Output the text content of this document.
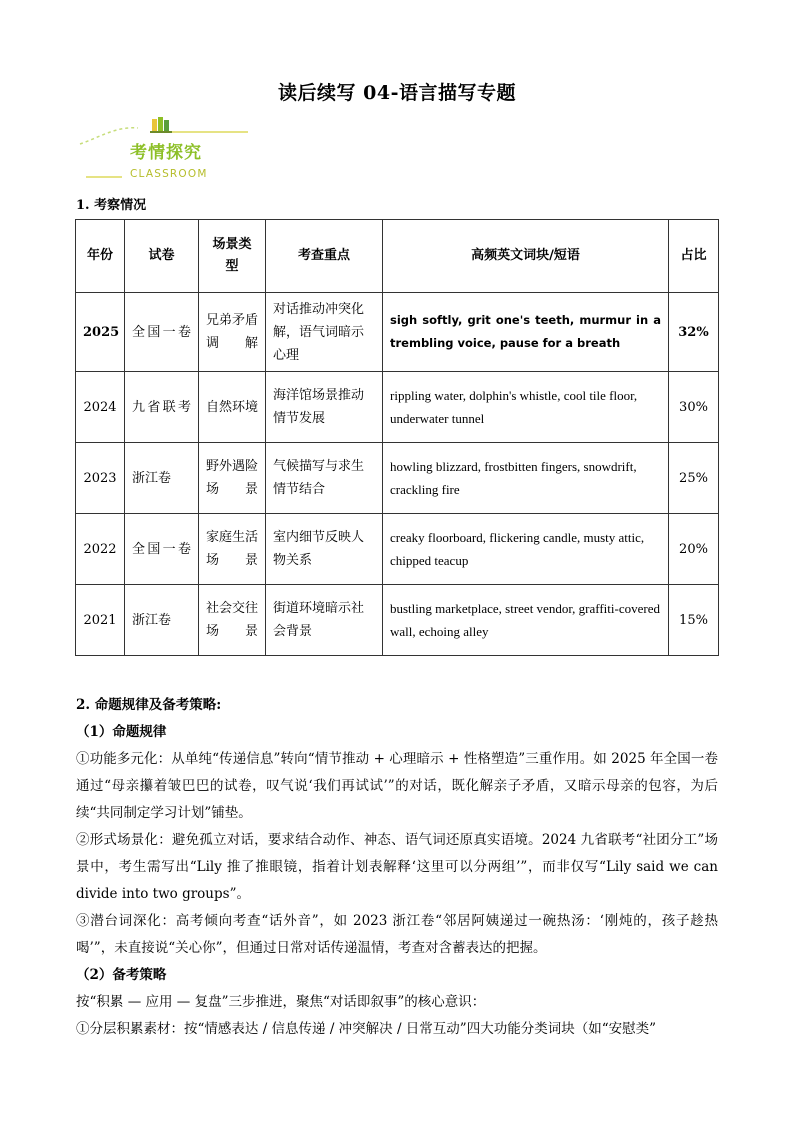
读后续写 04-语言描写专题
考情探究
CLASSROOM
1. 考察情况
年份	试卷	场景类型	考查重点	高频英文词块/短语	占比
2025	全国一卷	兄弟矛盾调解	对话推动冲突化解，语气词暗示心理	sigh softly, grit one's teeth, murmur in a trembling voice, pause for a breath	32%
2024	九省联考	自然环境	海洋馆场景推动情节发展	rippling water, dolphin's whistle, cool tile floor, underwater tunnel	30%
2023	浙江卷	野外遇险场景	气候描写与求生情节结合	howling blizzard, frostbitten fingers, snowdrift, crackling fire	25%
2022	全国一卷	家庭生活场景	室内细节反映人物关系	creaky floorboard, flickering candle, musty attic, chipped teacup	20%
2021	浙江卷	社会交往场景	街道环境暗示社会背景	bustling marketplace, street vendor, graffiti-covered wall, echoing alley	15%

2. 命题规律及备考策略:

（1）命题规律

①功能多元化：从单纯“传递信息”转向“情节推动 + 心理暗示 + 性格塑造”三重作用。如 2025 年全国一卷通过“母亲攥着皱巴巴的试卷，叹气说‘我们再试试’”的对话，既化解亲子矛盾，又暗示母亲的包容，为后续“共同制定学习计划”铺垫。

②形式场景化：避免孤立对话，要求结合动作、神态、语气词还原真实语境。2024 九省联考“社团分工”场景中，考生需写出“Lily 推了推眼镜，指着计划表解释‘这里可以分两组’”，而非仅写“Lily said we can divide into two groups”。

③潜台词深化：高考倾向考查“话外音”，如 2023 浙江卷“邻居阿姨递过一碗热汤：‘刚炖的，孩子趁热喝’”，未直接说“关心你”，但通过日常对话传递温情，考查对含蓄表达的把握。

（2）备考策略

按“积累 — 应用 — 复盘”三步推进，聚焦“对话即叙事”的核心意识：

①分层积累素材：按“情感表达 / 信息传递 / 冲突解决 / 日常互动”四大功能分类词块（如“安慰类”
